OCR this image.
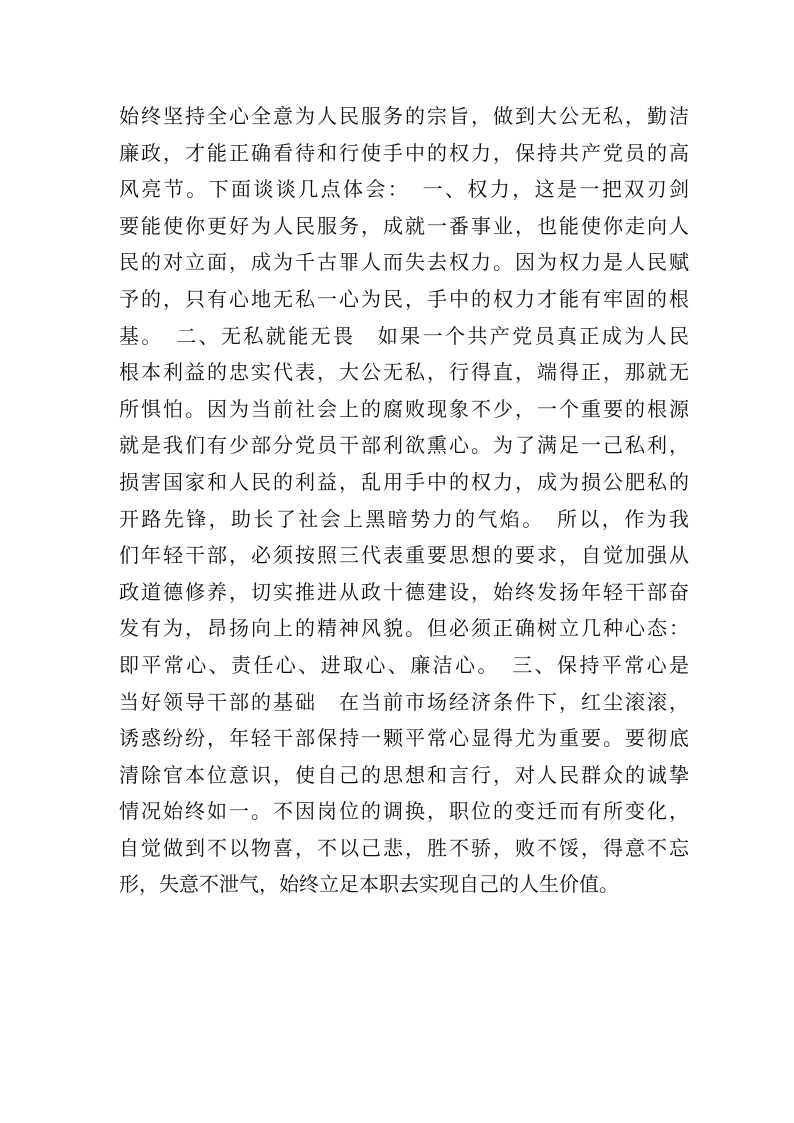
始终坚持全心全意为人民服务的宗旨，做到大公无私，勤洁
廉政，才能正确看待和行使手中的权力，保持共产党员的高
风亮节。下面谈谈几点体会：　一、权力，这是一把双刃剑
要能使你更好为人民服务，成就一番事业，也能使你走向人
民的对立面，成为千古罪人而失去权力。因为权力是人民赋
予的，只有心地无私一心为民，手中的权力才能有牢固的根
基。　二、无私就能无畏　如果一个共产党员真正成为人民
根本利益的忠实代表，大公无私，行得直，端得正，那就无
所惧怕。因为当前社会上的腐败现象不少，一个重要的根源
就是我们有少部分党员干部利欲熏心。为了满足一己私利，
损害国家和人民的利益，乱用手中的权力，成为损公肥私的
开路先锋，助长了社会上黑暗势力的气焰。　所以，作为我
们年轻干部，必须按照三代表重要思想的要求，自觉加强从
政道德修养，切实推进从政十德建设，始终发扬年轻干部奋
发有为，昂扬向上的精神风貌。但必须正确树立几种心态：
即平常心、责任心、进取心、廉洁心。　三、保持平常心是
当好领导干部的基础　在当前市场经济条件下，红尘滚滚，
诱惑纷纷，年轻干部保持一颗平常心显得尤为重要。要彻底
清除官本位意识，使自己的思想和言行，对人民群众的诚挚
情况始终如一。不因岗位的调换，职位的变迁而有所变化，
自觉做到不以物喜，不以己悲，胜不骄，败不馁，得意不忘
形，失意不泄气，始终立足本职去实现自己的人生价值。
